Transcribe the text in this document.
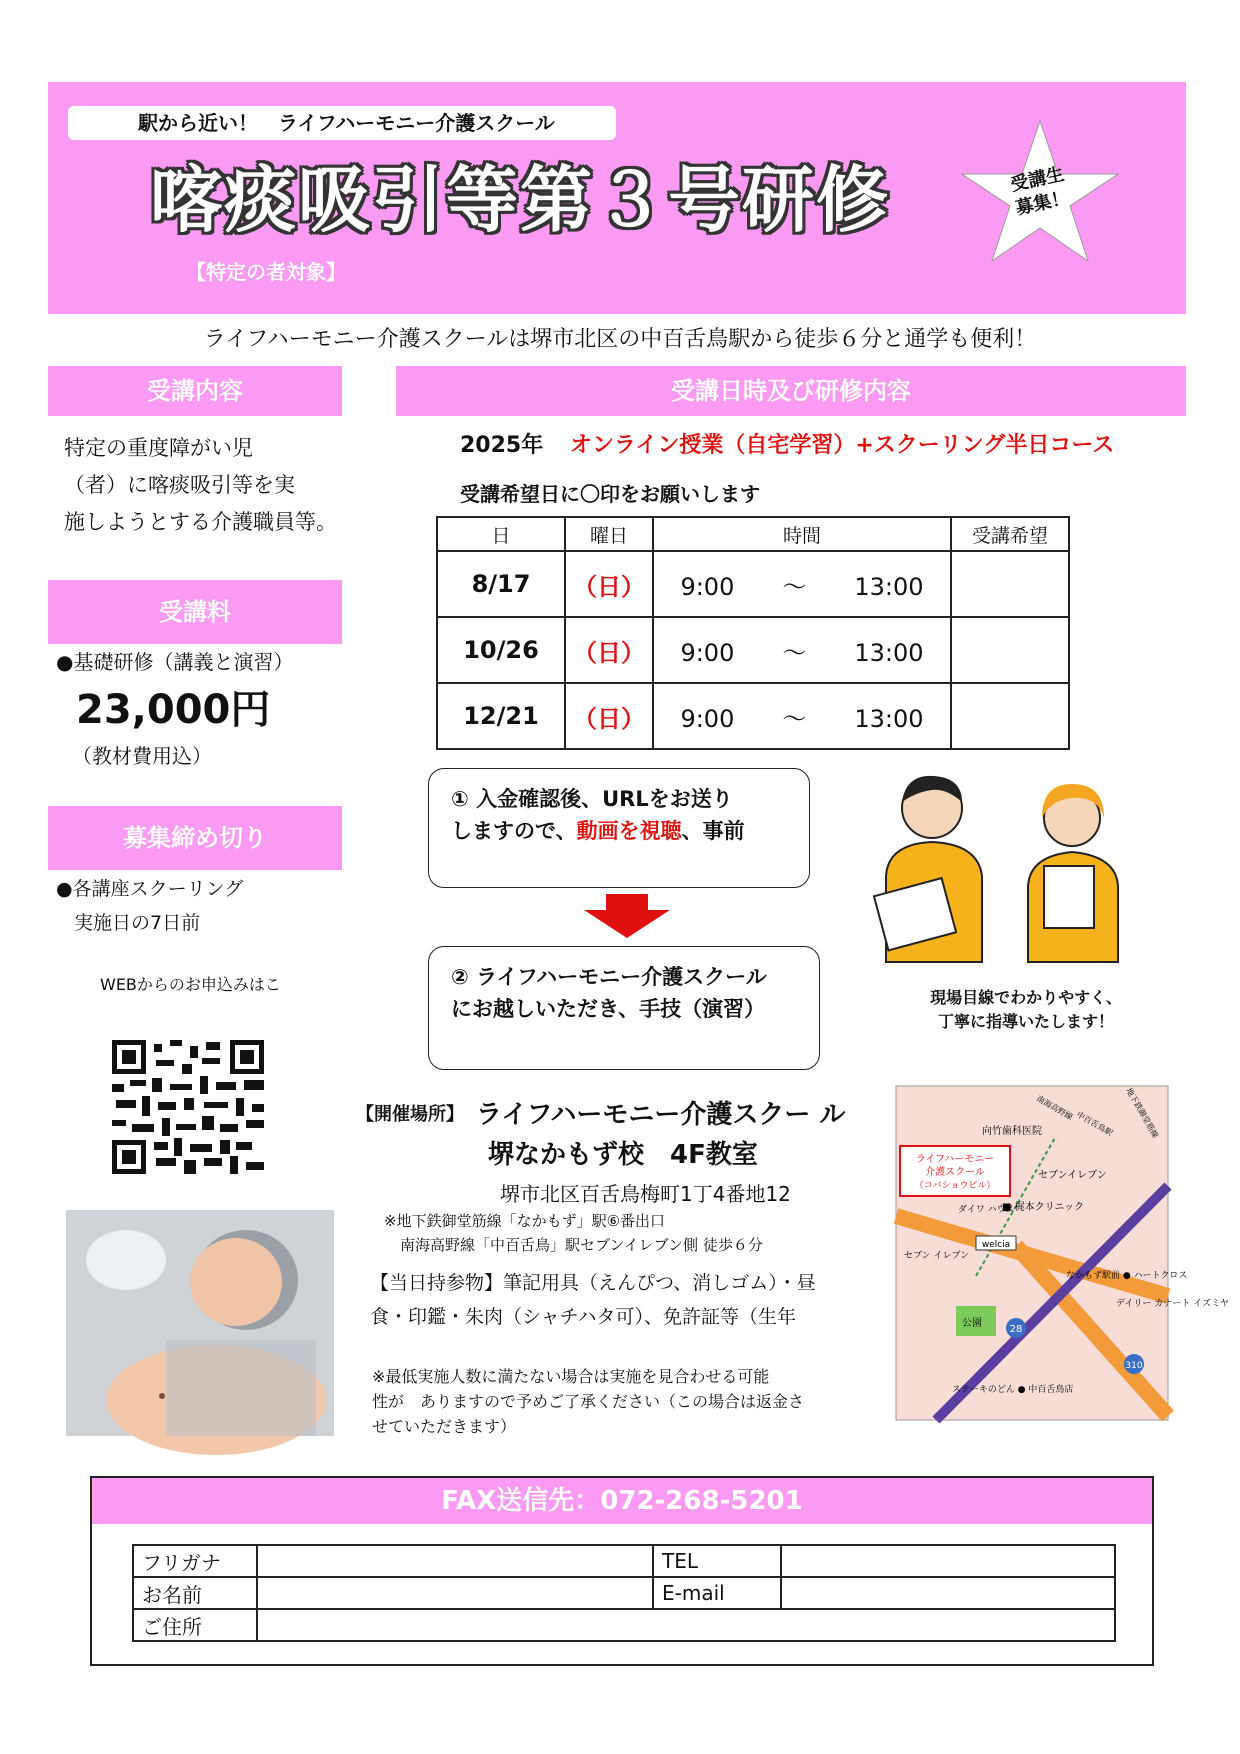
駅から近い！　ライフハーモニー介護スクール
喀痰吸引等第３号研修
【特定の者対象】
受講生
募集！
ライフハーモニー介護スクールは堺市北区の中百舌鳥駅から徒歩６分と通学も便利！
受講内容
特定の重度障がい児
（者）に喀痰吸引等を実
施しようとする介護職員等。
受講料
●基礎研修（講義と演習）
23,000円
（教材費用込）
募集締め切り
●各講座スクーリング
実施日の7日前
WEBからのお申込みはこ
受講日時及び研修内容
2025年 オンライン授業（自宅学習）+スクーリング半日コース
受講希望日に〇印をお願いします
日	曜日	時間	受講希望
8/17	（日）	9:00   ～   13:00	
10/26	（日）	9:00   ～   13:00	
12/21	（日）	9:00   ～   13:00	
① 入金確認後、URLをお送り
しますので、動画を視聴、事前
② ライフハーモニー介護スクール
にお越しいただき、手技（演習）	現場目線でわかりやすく、
丁寧に指導いたします！
【開催場所】 ライフハーモニー介護スクー ル
堺なかもず校　4F教室
堺市北区百舌鳥梅町1丁4番地12
※地下鉄御堂筋線「なかもず」駅⑥番出口
南海高野線「中百舌鳥」駅セブンイレブン側 徒歩６分
【当日持参物】筆記用具（えんぴつ、消しゴム）・昼
食・印鑑・朱肉（シャチハタ可）、免許証等（生年
※最低実施人数に満たない場合は実施を見合わせる可能
性が　ありますので予めご了承ください（この場合は返金さ
せていただきます）
ライフハーモニー
介護スクール
（コバショウビル）
向竹歯科医院
セブンイレブン
ダイワ ハウス
■ 梶本クリニック
welcia
セブン イレブン
公園
なかもず駅前 ● ハートクロス
デイリー カナート イズミヤ
ステーキのどん ● 中百舌鳥店
28
310
南海高野線
中百舌鳥駅 地下鉄御堂筋線
FAX送信先：072-268-5201
フリガナ		TEL	
お名前		E-mail	
ご住所			
